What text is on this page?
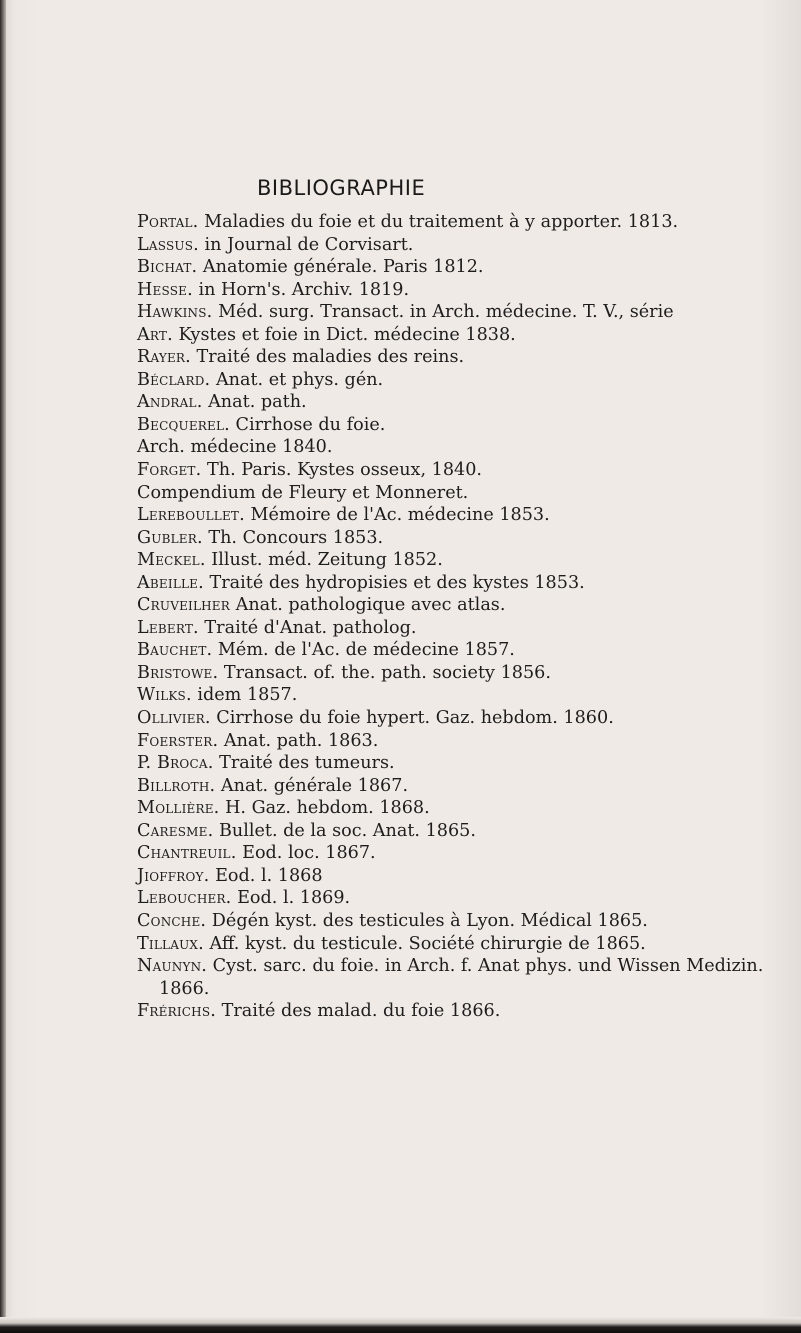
BIBLIOGRAPHIE
Portal. Maladies du foie et du traitement à y apporter. 1813.
Lassus. in Journal de Corvisart.
Bichat. Anatomie générale. Paris 1812.
Hesse. in Horn's. Archiv. 1819.
Hawkins. Méd. surg. Transact. in Arch. médecine. T. V., série
Art. Kystes et foie in Dict. médecine 1838.
Rayer. Traité des maladies des reins.
Béclard. Anat. et phys. gén.
Andral. Anat. path.
Becquerel. Cirrhose du foie.
Arch. médecine 1840.
Forget. Th. Paris. Kystes osseux, 1840.
Compendium de Fleury et Monneret.
Lereboullet. Mémoire de l'Ac. médecine 1853.
Gubler. Th. Concours 1853.
Meckel. Illust. méd. Zeitung 1852.
Abeille. Traité des hydropisies et des kystes 1853.
Cruveilher Anat. pathologique avec atlas.
Lebert. Traité d'Anat. patholog.
Bauchet. Mém. de l'Ac. de médecine 1857.
Bristowe. Transact. of. the. path. society 1856.
Wilks. idem 1857.
Ollivier. Cirrhose du foie hypert. Gaz. hebdom. 1860.
Foerster. Anat. path. 1863.
P. Broca. Traité des tumeurs.
Billroth. Anat. générale 1867.
Mollière. H. Gaz. hebdom. 1868.
Caresme. Bullet. de la soc. Anat. 1865.
Chantreuil. Eod. loc. 1867.
Jioffroy. Eod. l. 1868
Leboucher. Eod. l. 1869.
Conche. Dégén kyst. des testicules à Lyon. Médical 1865.
Tillaux. Aff. kyst. du testicule. Société chirurgie de 1865.
Naunyn. Cyst. sarc. du foie. in Arch. f. Anat phys. und Wissen Medizin. 1866.
Frérichs. Traité des malad. du foie 1866.
